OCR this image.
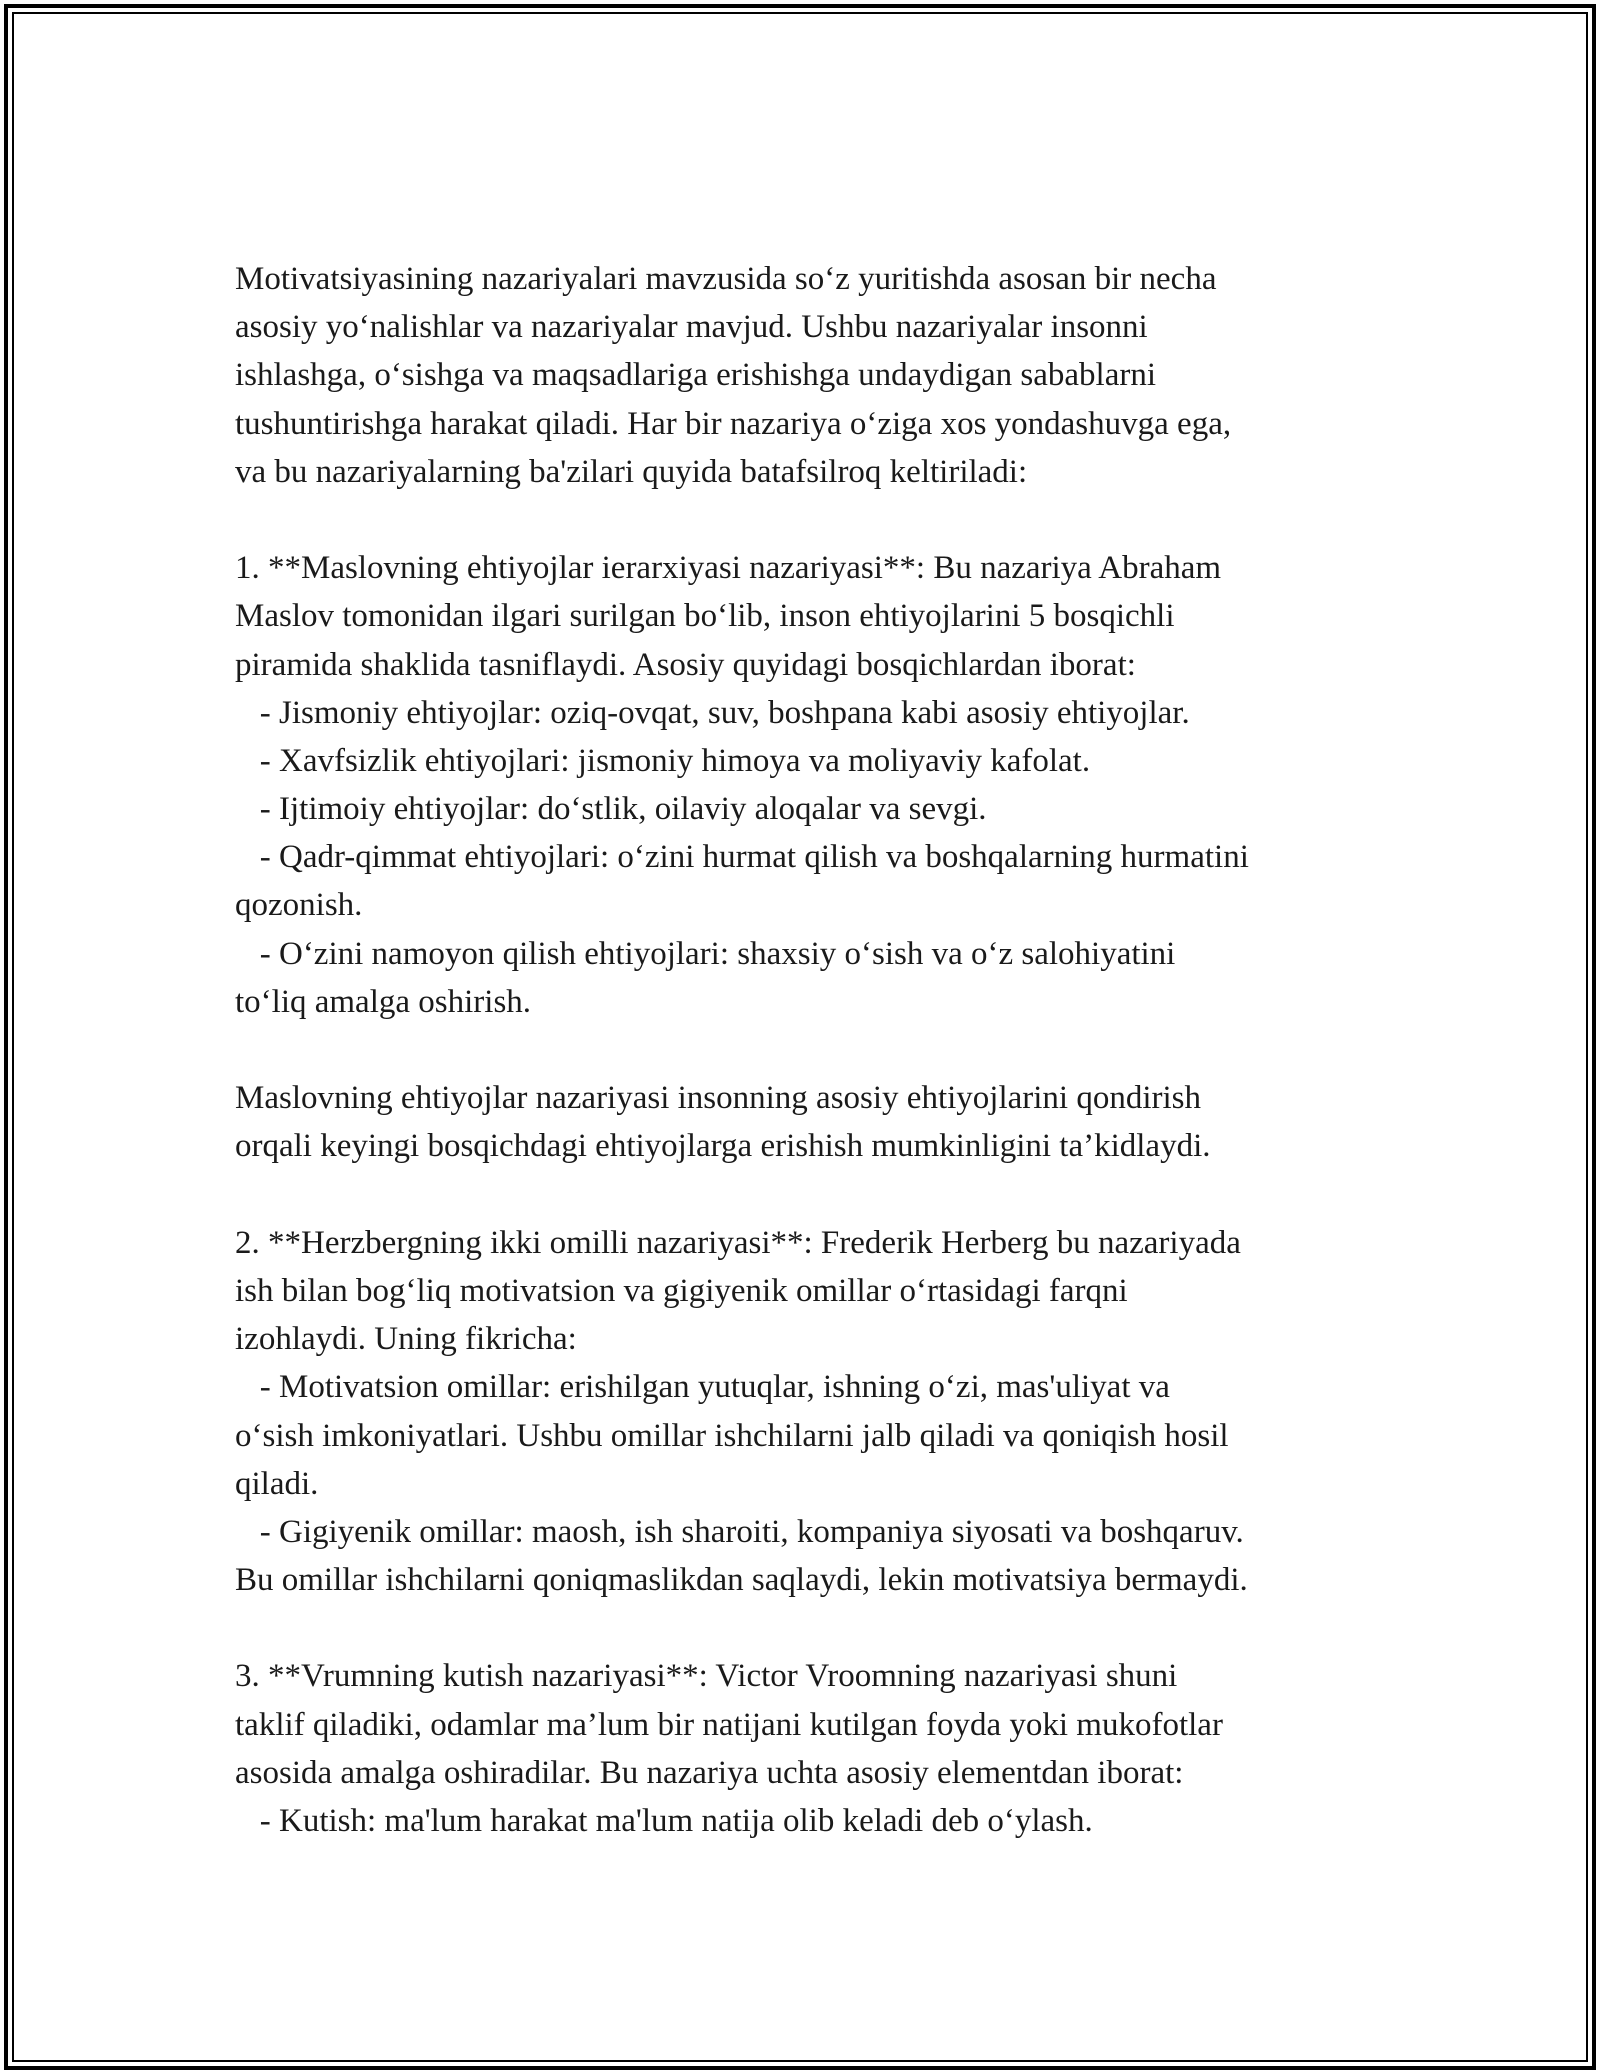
Motivatsiyasining nazariyalari mavzusida so‘z yuritishda asosan bir necha
asosiy yo‘nalishlar va nazariyalar mavjud. Ushbu nazariyalar insonni
ishlashga, o‘sishga va maqsadlariga erishishga undaydigan sabablarni
tushuntirishga harakat qiladi. Har bir nazariya o‘ziga xos yondashuvga ega,
va bu nazariyalarning ba'zilari quyida batafsilroq keltiriladi:
1. **Maslovning ehtiyojlar ierarxiyasi nazariyasi**: Bu nazariya Abraham
Maslov tomonidan ilgari surilgan bo‘lib, inson ehtiyojlarini 5 bosqichli
piramida shaklida tasniflaydi. Asosiy quyidagi bosqichlardan iborat:
- Jismoniy ehtiyojlar: oziq-ovqat, suv, boshpana kabi asosiy ehtiyojlar.
- Xavfsizlik ehtiyojlari: jismoniy himoya va moliyaviy kafolat.
- Ijtimoiy ehtiyojlar: do‘stlik, oilaviy aloqalar va sevgi.
- Qadr-qimmat ehtiyojlari: o‘zini hurmat qilish va boshqalarning hurmatini
qozonish.
- O‘zini namoyon qilish ehtiyojlari: shaxsiy o‘sish va o‘z salohiyatini
to‘liq amalga oshirish.
Maslovning ehtiyojlar nazariyasi insonning asosiy ehtiyojlarini qondirish
orqali keyingi bosqichdagi ehtiyojlarga erishish mumkinligini ta’kidlaydi.
2. **Herzbergning ikki omilli nazariyasi**: Frederik Herberg bu nazariyada
ish bilan bog‘liq motivatsion va gigiyenik omillar o‘rtasidagi farqni
izohlaydi. Uning fikricha:
- Motivatsion omillar: erishilgan yutuqlar, ishning o‘zi, mas'uliyat va
o‘sish imkoniyatlari. Ushbu omillar ishchilarni jalb qiladi va qoniqish hosil
qiladi.
- Gigiyenik omillar: maosh, ish sharoiti, kompaniya siyosati va boshqaruv.
Bu omillar ishchilarni qoniqmaslikdan saqlaydi, lekin motivatsiya bermaydi.
3. **Vrumning kutish nazariyasi**: Victor Vroomning nazariyasi shuni
taklif qiladiki, odamlar ma’lum bir natijani kutilgan foyda yoki mukofotlar
asosida amalga oshiradilar. Bu nazariya uchta asosiy elementdan iborat:
- Kutish: ma'lum harakat ma'lum natija olib keladi deb o‘ylash.
